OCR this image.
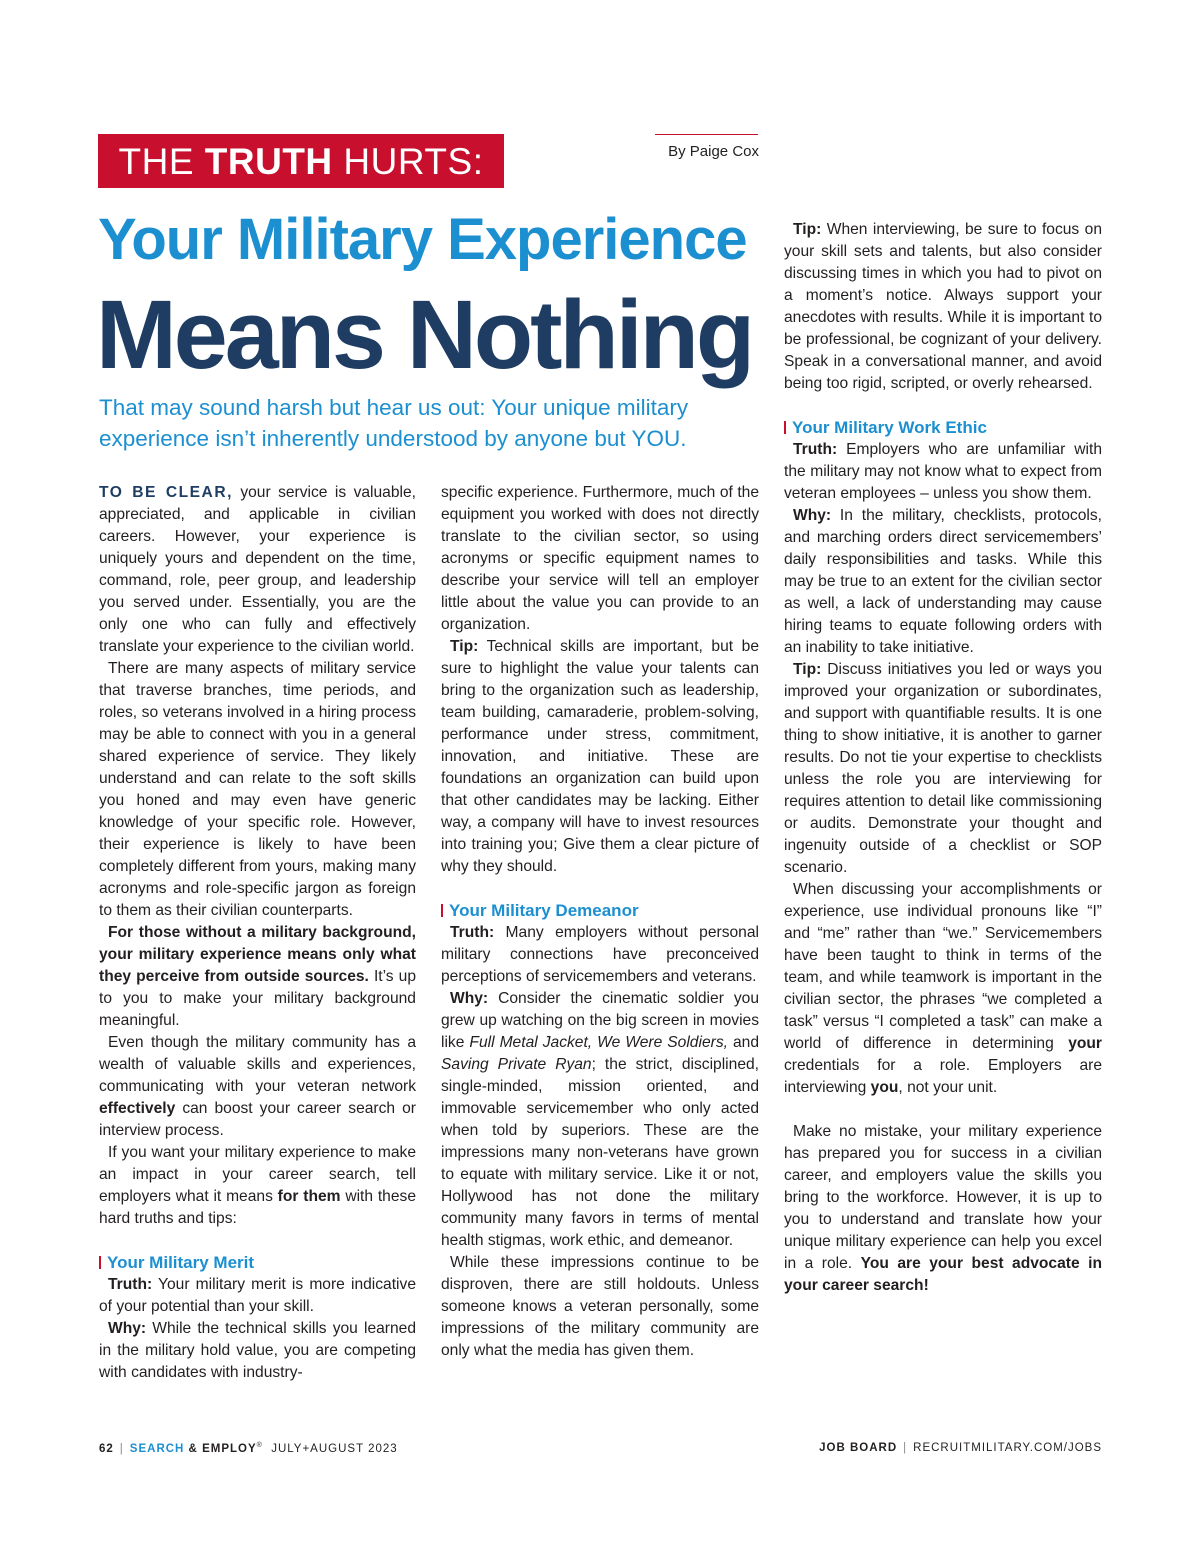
THE TRUTH HURTS:	By Paige Cox
Your Military Experience
Means Nothing
That may sound harsh but hear us out: Your unique military experience isn’t inherently understood by anyone but YOU.

TO BE CLEAR, your service is valuable, appreciated, and applicable in civilian careers. However, your experience is uniquely yours and dependent on the time, command, role, peer group, and leadership you served under. Essentially, you are the only one who can fully and effectively translate your experience to the civilian world.

There are many aspects of military service that traverse branches, time periods, and roles, so veterans involved in a hiring process may be able to connect with you in a general shared experience of service. They likely understand and can relate to the soft skills you honed and may even have generic knowledge of your specific role. However, their experience is likely to have been completely different from yours, making many acronyms and role-specific jargon as foreign to them as their civilian counterparts.

For those without a military background, your military experience means only what they perceive from outside sources. It’s up to you to make your military background meaningful.

Even though the military community has a wealth of valuable skills and experiences, communicating with your veteran network effectively can boost your career search or interview process.

If you want your military experience to make an impact in your career search, tell employers what it means for them with these hard truths and tips:

Your Military Merit

Truth: Your military merit is more indicative of your potential than your skill.

Why: While the technical skills you learned in the military hold value, you are competing with candidates with industry-

specific experience. Furthermore, much of the equipment you worked with does not directly translate to the civilian sector, so using acronyms or specific equipment names to describe your service will tell an employer little about the value you can provide to an organization.

Tip: Technical skills are important, but be sure to highlight the value your talents can bring to the organization such as leadership, team building, camaraderie, problem-solving, performance under stress, commitment, innovation, and initiative. These are foundations an organization can build upon that other candidates may be lacking. Either way, a company will have to invest resources into training you; Give them a clear picture of why they should.

Your Military Demeanor

Truth: Many employers without personal military connections have preconceived perceptions of servicemembers and veterans.

Why: Consider the cinematic soldier you grew up watching on the big screen in movies like Full Metal Jacket, We Were Soldiers, and Saving Private Ryan; the strict, disciplined, single-minded, mission oriented, and immovable servicemember who only acted when told by superiors. These are the impressions many non-veterans have grown to equate with military service. Like it or not, Hollywood has not done the military community many favors in terms of mental health stigmas, work ethic, and demeanor.

While these impressions continue to be disproven, there are still holdouts. Unless someone knows a veteran personally, some impressions of the military community are only what the media has given them.

Tip: When interviewing, be sure to focus on your skill sets and talents, but also consider discussing times in which you had to pivot on a moment’s notice. Always support your anecdotes with results. While it is important to be professional, be cognizant of your delivery. Speak in a conversational manner, and avoid being too rigid, scripted, or overly rehearsed.

Your Military Work Ethic

Truth: Employers who are unfamiliar with the military may not know what to expect from veteran employees – unless you show them.

Why: In the military, checklists, protocols, and marching orders direct servicemembers’ daily responsibilities and tasks. While this may be true to an extent for the civilian sector as well, a lack of understanding may cause hiring teams to equate following orders with an inability to take initiative.

Tip: Discuss initiatives you led or ways you improved your organization or subordinates, and support with quantifiable results. It is one thing to show initiative, it is another to garner results. Do not tie your expertise to checklists unless the role you are interviewing for requires attention to detail like commissioning or audits. Demonstrate your thought and ingenuity outside of a checklist or SOP scenario.

When discussing your accomplishments or experience, use individual pronouns like “I” and “me” rather than “we.” Servicemembers have been taught to think in terms of the team, and while teamwork is important in the civilian sector, the phrases “we completed a task” versus “I completed a task” can make a world of difference in determining your credentials for a role. Employers are interviewing you, not your unit.

Make no mistake, your military experience has prepared you for success in a civilian career, and employers value the skills you bring to the workforce. However, it is up to you to understand and translate how your unique military experience can help you excel in a role. You are your best advocate in your career search!

62 | SEARCH & EMPLOY® JULY+AUGUST 2023	JOB BOARD | RECRUITMILITARY.COM/JOBS
